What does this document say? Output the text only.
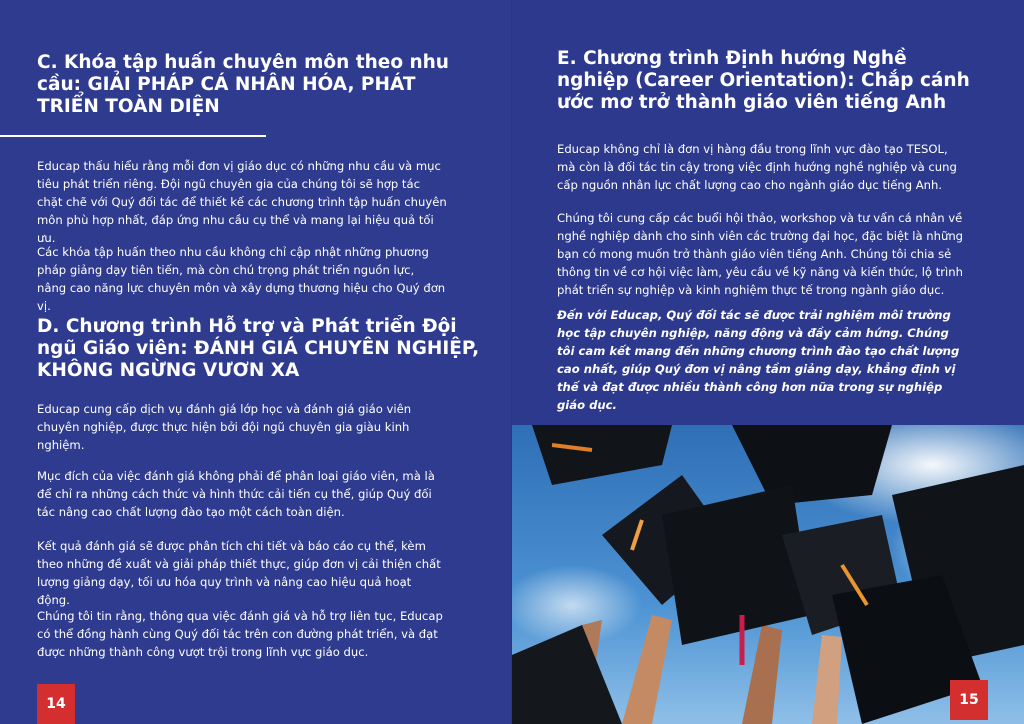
C. Khóa tập huấn chuyên môn theo nhu cầu: GIẢI PHÁP CÁ NHÂN HÓA, PHÁT TRIỂN TOÀN DIỆN

Educap thấu hiểu rằng mỗi đơn vị giáo dục có những nhu cầu và mục tiêu phát triển riêng. Đội ngũ chuyên gia của chúng tôi sẽ hợp tác chặt chẽ với Quý đối tác để thiết kế các chương trình tập huấn chuyên môn phù hợp nhất, đáp ứng nhu cầu cụ thể và mang lại hiệu quả tối ưu.

Các khóa tập huấn theo nhu cầu không chỉ cập nhật những phương pháp giảng dạy tiên tiến, mà còn chú trọng phát triển nguồn lực, nâng cao năng lực chuyên môn và xây dựng thương hiệu cho Quý đơn vị.

D. Chương trình Hỗ trợ và Phát triển Đội ngũ Giáo viên: ĐÁNH GIÁ CHUYÊN NGHIỆP, KHÔNG NGỪNG VƯƠN XA

Educap cung cấp dịch vụ đánh giá lớp học và đánh giá giáo viên chuyên nghiệp, được thực hiện bởi đội ngũ chuyên gia giàu kinh nghiệm.

Mục đích của việc đánh giá không phải để phân loại giáo viên, mà là để chỉ ra những cách thức và hình thức cải tiến cụ thể, giúp Quý đối tác nâng cao chất lượng đào tạo một cách toàn diện.

Kết quả đánh giá sẽ được phân tích chi tiết và báo cáo cụ thể, kèm theo những đề xuất và giải pháp thiết thực, giúp đơn vị cải thiện chất lượng giảng dạy, tối ưu hóa quy trình và nâng cao hiệu quả hoạt động.

Chúng tôi tin rằng, thông qua việc đánh giá và hỗ trợ liên tục, Educap có thể đồng hành cùng Quý đối tác trên con đường phát triển, và đạt được những thành công vượt trội trong lĩnh vực giáo dục.

14
E. Chương trình Định hướng Nghề nghiệp (Career Orientation): Chắp cánh ước mơ trở thành giáo viên tiếng Anh

Educap không chỉ là đơn vị hàng đầu trong lĩnh vực đào tạo TESOL, mà còn là đối tác tin cậy trong việc định hướng nghề nghiệp và cung cấp nguồn nhân lực chất lượng cao cho ngành giáo dục tiếng Anh.

Chúng tôi cung cấp các buổi hội thảo, workshop và tư vấn cá nhân về nghề nghiệp dành cho sinh viên các trường đại học, đặc biệt là những bạn có mong muốn trở thành giáo viên tiếng Anh. Chúng tôi chia sẻ thông tin về cơ hội việc làm, yêu cầu về kỹ năng và kiến thức, lộ trình phát triển sự nghiệp và kinh nghiệm thực tế trong ngành giáo dục.

Đến với Educap, Quý đối tác sẽ được trải nghiệm môi trường học tập chuyên nghiệp, năng động và đầy cảm hứng. Chúng tôi cam kết mang đến những chương trình đào tạo chất lượng cao nhất, giúp Quý đơn vị nâng tầm giảng dạy, khẳng định vị thế và đạt được nhiều thành công hơn nữa trong sự nghiệp giáo dục.

15
